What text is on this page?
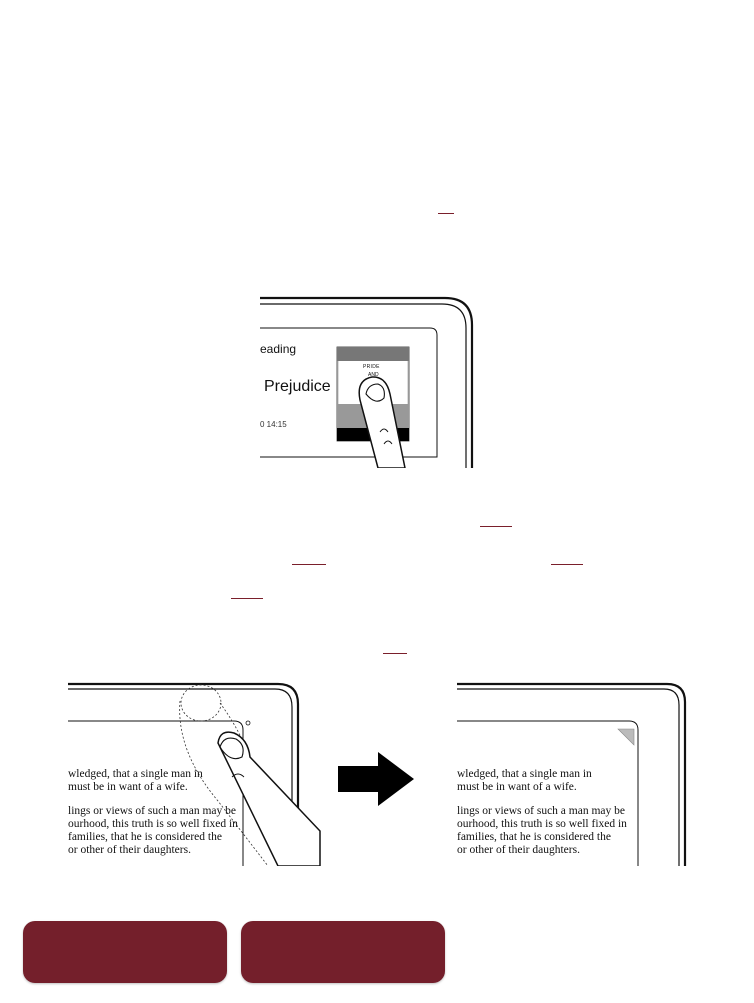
eading
Prejudice
0 14:15
PRIDE
AND
wledged, that a single man in
must be in want of a wife.
lings or views of such a man may be
ourhood, this truth is so well fixed in
families, that he is considered the
or other of their daughters.
wledged, that a single man in
must be in want of a wife.
lings or views of such a man may be
ourhood, this truth is so well fixed in
families, that he is considered the
or other of their daughters.
